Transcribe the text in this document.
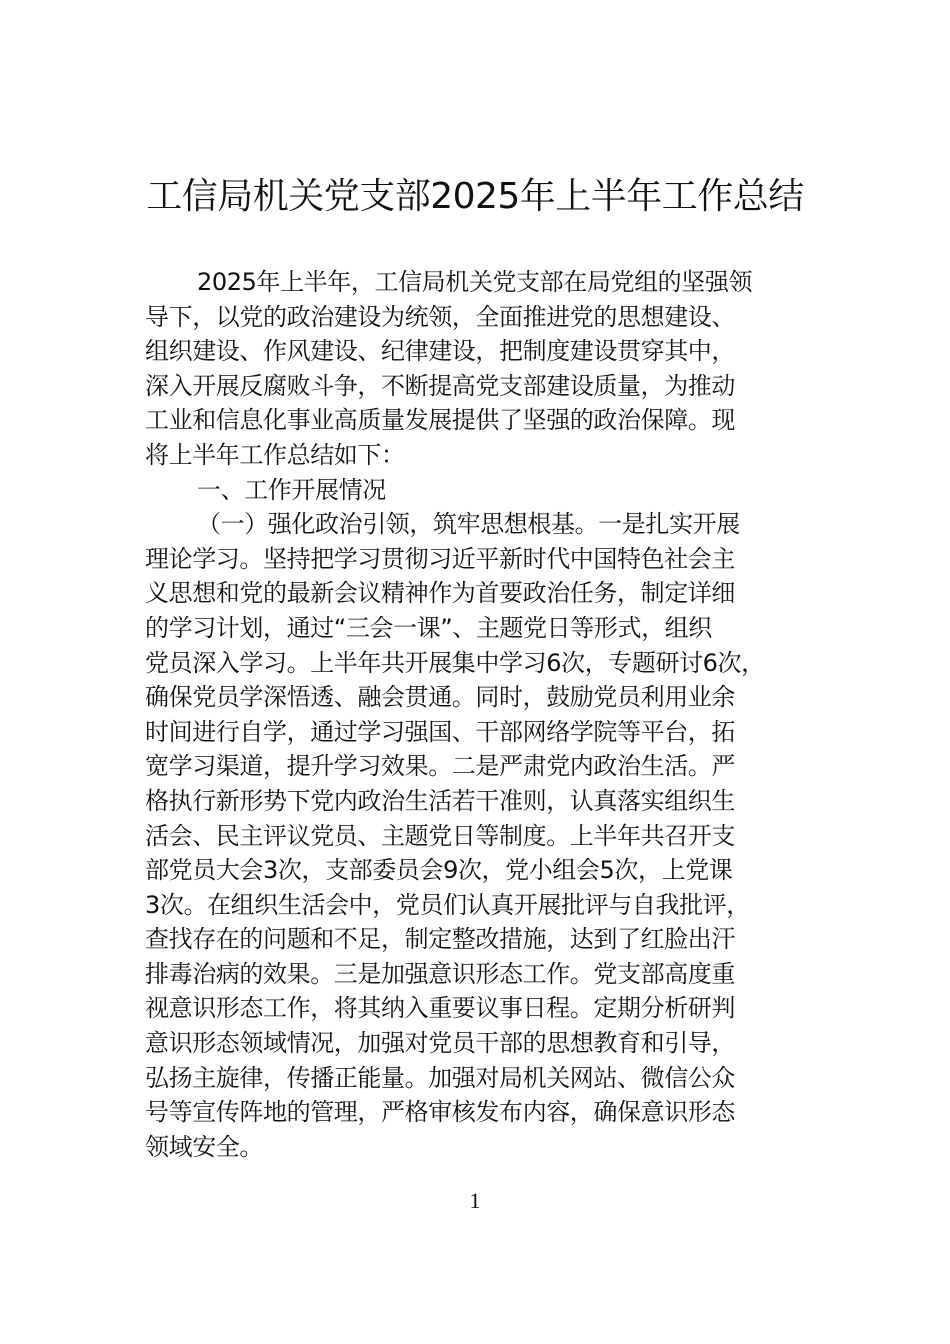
工信局机关党支部2025年上半年工作总结
2025年上半年，工信局机关党支部在局党组的坚强领
导下，以党的政治建设为统领，全面推进党的思想建设、
组织建设、作风建设、纪律建设，把制度建设贯穿其中，
深入开展反腐败斗争，不断提高党支部建设质量，为推动
工业和信息化事业高质量发展提供了坚强的政治保障。现
将上半年工作总结如下：
一、工作开展情况
（一）强化政治引领，筑牢思想根基。一是扎实开展
理论学习。坚持把学习贯彻习近平新时代中国特色社会主
义思想和党的最新会议精神作为首要政治任务，制定详细
的学习计划，通过“三会一课”、主题党日等形式，组织
党员深入学习。上半年共开展集中学习6次，专题研讨6次，
确保党员学深悟透、融会贯通。同时，鼓励党员利用业余
时间进行自学，通过学习强国、干部网络学院等平台，拓
宽学习渠道，提升学习效果。二是严肃党内政治生活。严
格执行新形势下党内政治生活若干准则，认真落实组织生
活会、民主评议党员、主题党日等制度。上半年共召开支
部党员大会3次，支部委员会9次，党小组会5次，上党课
3次。在组织生活会中，党员们认真开展批评与自我批评，
查找存在的问题和不足，制定整改措施，达到了红脸出汗
排毒治病的效果。三是加强意识形态工作。党支部高度重
视意识形态工作，将其纳入重要议事日程。定期分析研判
意识形态领域情况，加强对党员干部的思想教育和引导，
弘扬主旋律，传播正能量。加强对局机关网站、微信公众
号等宣传阵地的管理，严格审核发布内容，确保意识形态
领域安全。
1
